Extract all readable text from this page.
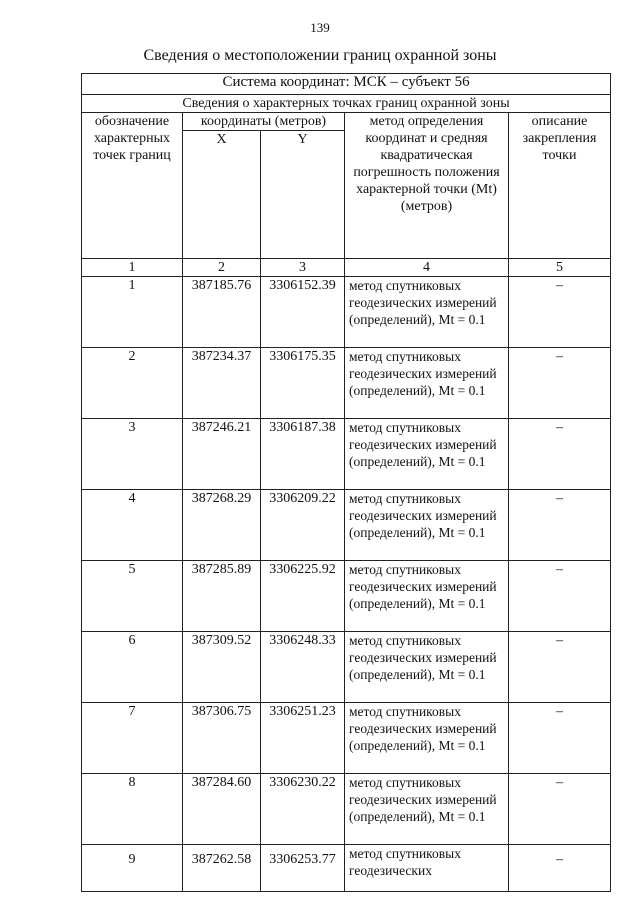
139
Сведения о местоположении границ охранной зоны
Система координат: МСК – субъект 56				
Сведения о характерных точках границ охранной зоны				
обозначение характерных точек границ	координаты (метров)		метод определения координат и средняя квадратическая погрешность положения характерной точки (Mt) (метров)	описание закрепления точки
	X	Y		
1	2	3	4	5
1	387185.76	3306152.39	метод спутниковых геодезических измерений (определений), Mt = 0.1	–
2	387234.37	3306175.35	метод спутниковых геодезических измерений (определений), Mt = 0.1	–
3	387246.21	3306187.38	метод спутниковых геодезических измерений (определений), Mt = 0.1	–
4	387268.29	3306209.22	метод спутниковых геодезических измерений (определений), Mt = 0.1	–
5	387285.89	3306225.92	метод спутниковых геодезических измерений (определений), Mt = 0.1	–
6	387309.52	3306248.33	метод спутниковых геодезических измерений (определений), Mt = 0.1	–
7	387306.75	3306251.23	метод спутниковых геодезических измерений (определений), Mt = 0.1	–
8	387284.60	3306230.22	метод спутниковых геодезических измерений (определений), Mt = 0.1	–
9	387262.58	3306253.77	метод спутниковых геодезических	–
